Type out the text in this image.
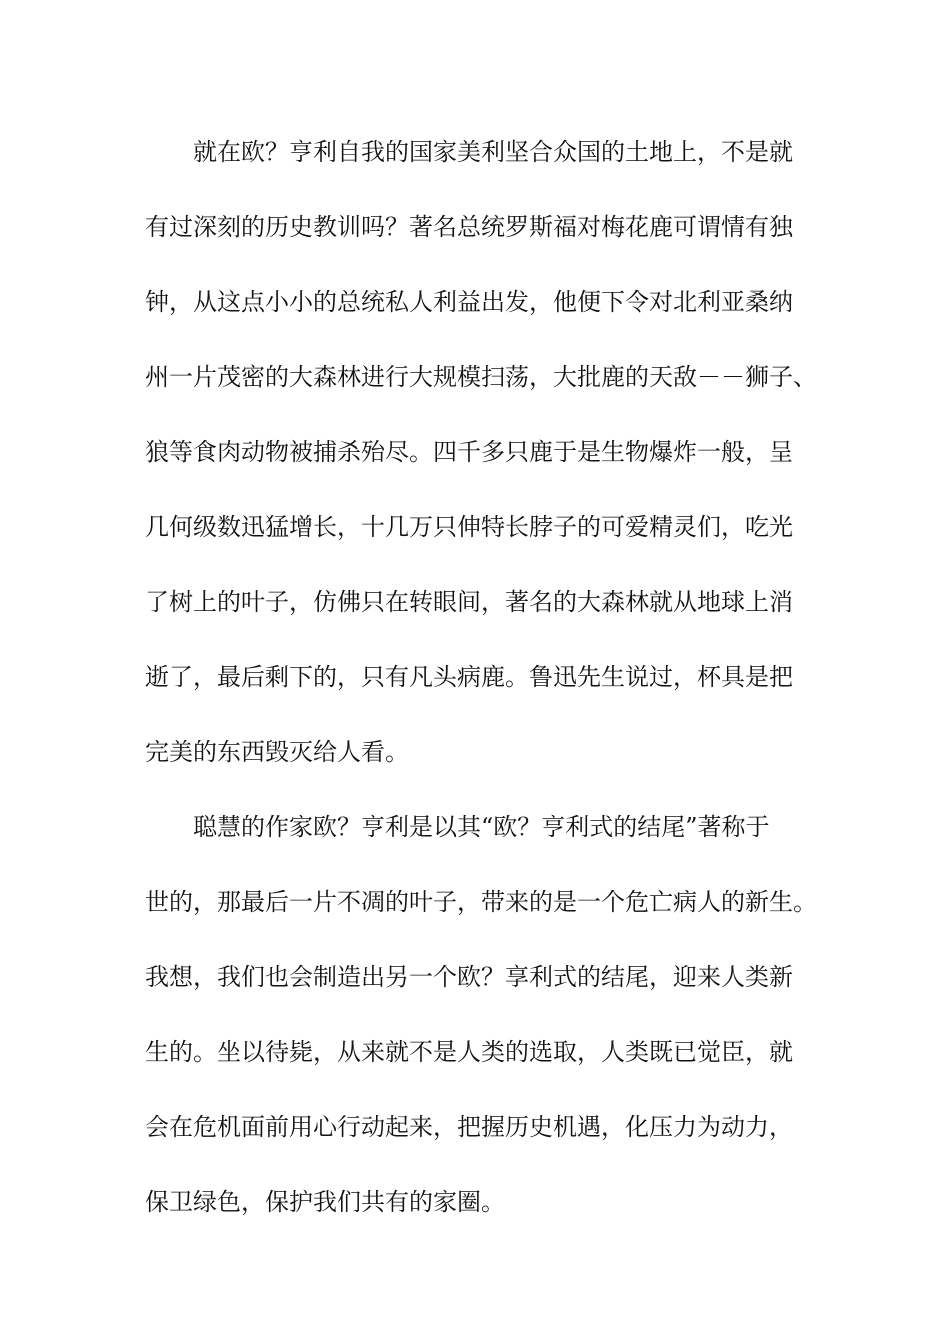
就在欧？亨利自我的国家美利坚合众国的土地上，不是就
有过深刻的历史教训吗？著名总统罗斯福对梅花鹿可谓情有独
钟，从这点小小的总统私人利益出发，他便下令对北利亚桑纳
州一片茂密的大森林进行大规模扫荡，大批鹿的天敌－－狮子、
狼等食肉动物被捕杀殆尽。四千多只鹿于是生物爆炸一般，呈
几何级数迅猛增长，十几万只伸特长脖子的可爱精灵们，吃光
了树上的叶子，仿佛只在转眼间，著名的大森林就从地球上消
逝了，最后剩下的，只有凡头病鹿。鲁迅先生说过，杯具是把
完美的东西毁灭给人看。
聪慧的作家欧？亨利是以其“欧？亨利式的结尾”著称于
世的，那最后一片不凋的叶子，带来的是一个危亡病人的新生。
我想，我们也会制造出另一个欧？享利式的结尾，迎来人类新
生的。坐以待毙，从来就不是人类的选取，人类既已觉臣，就
会在危机面前用心行动起来，把握历史机遇，化压力为动力，
保卫绿色，保护我们共有的家圈。
